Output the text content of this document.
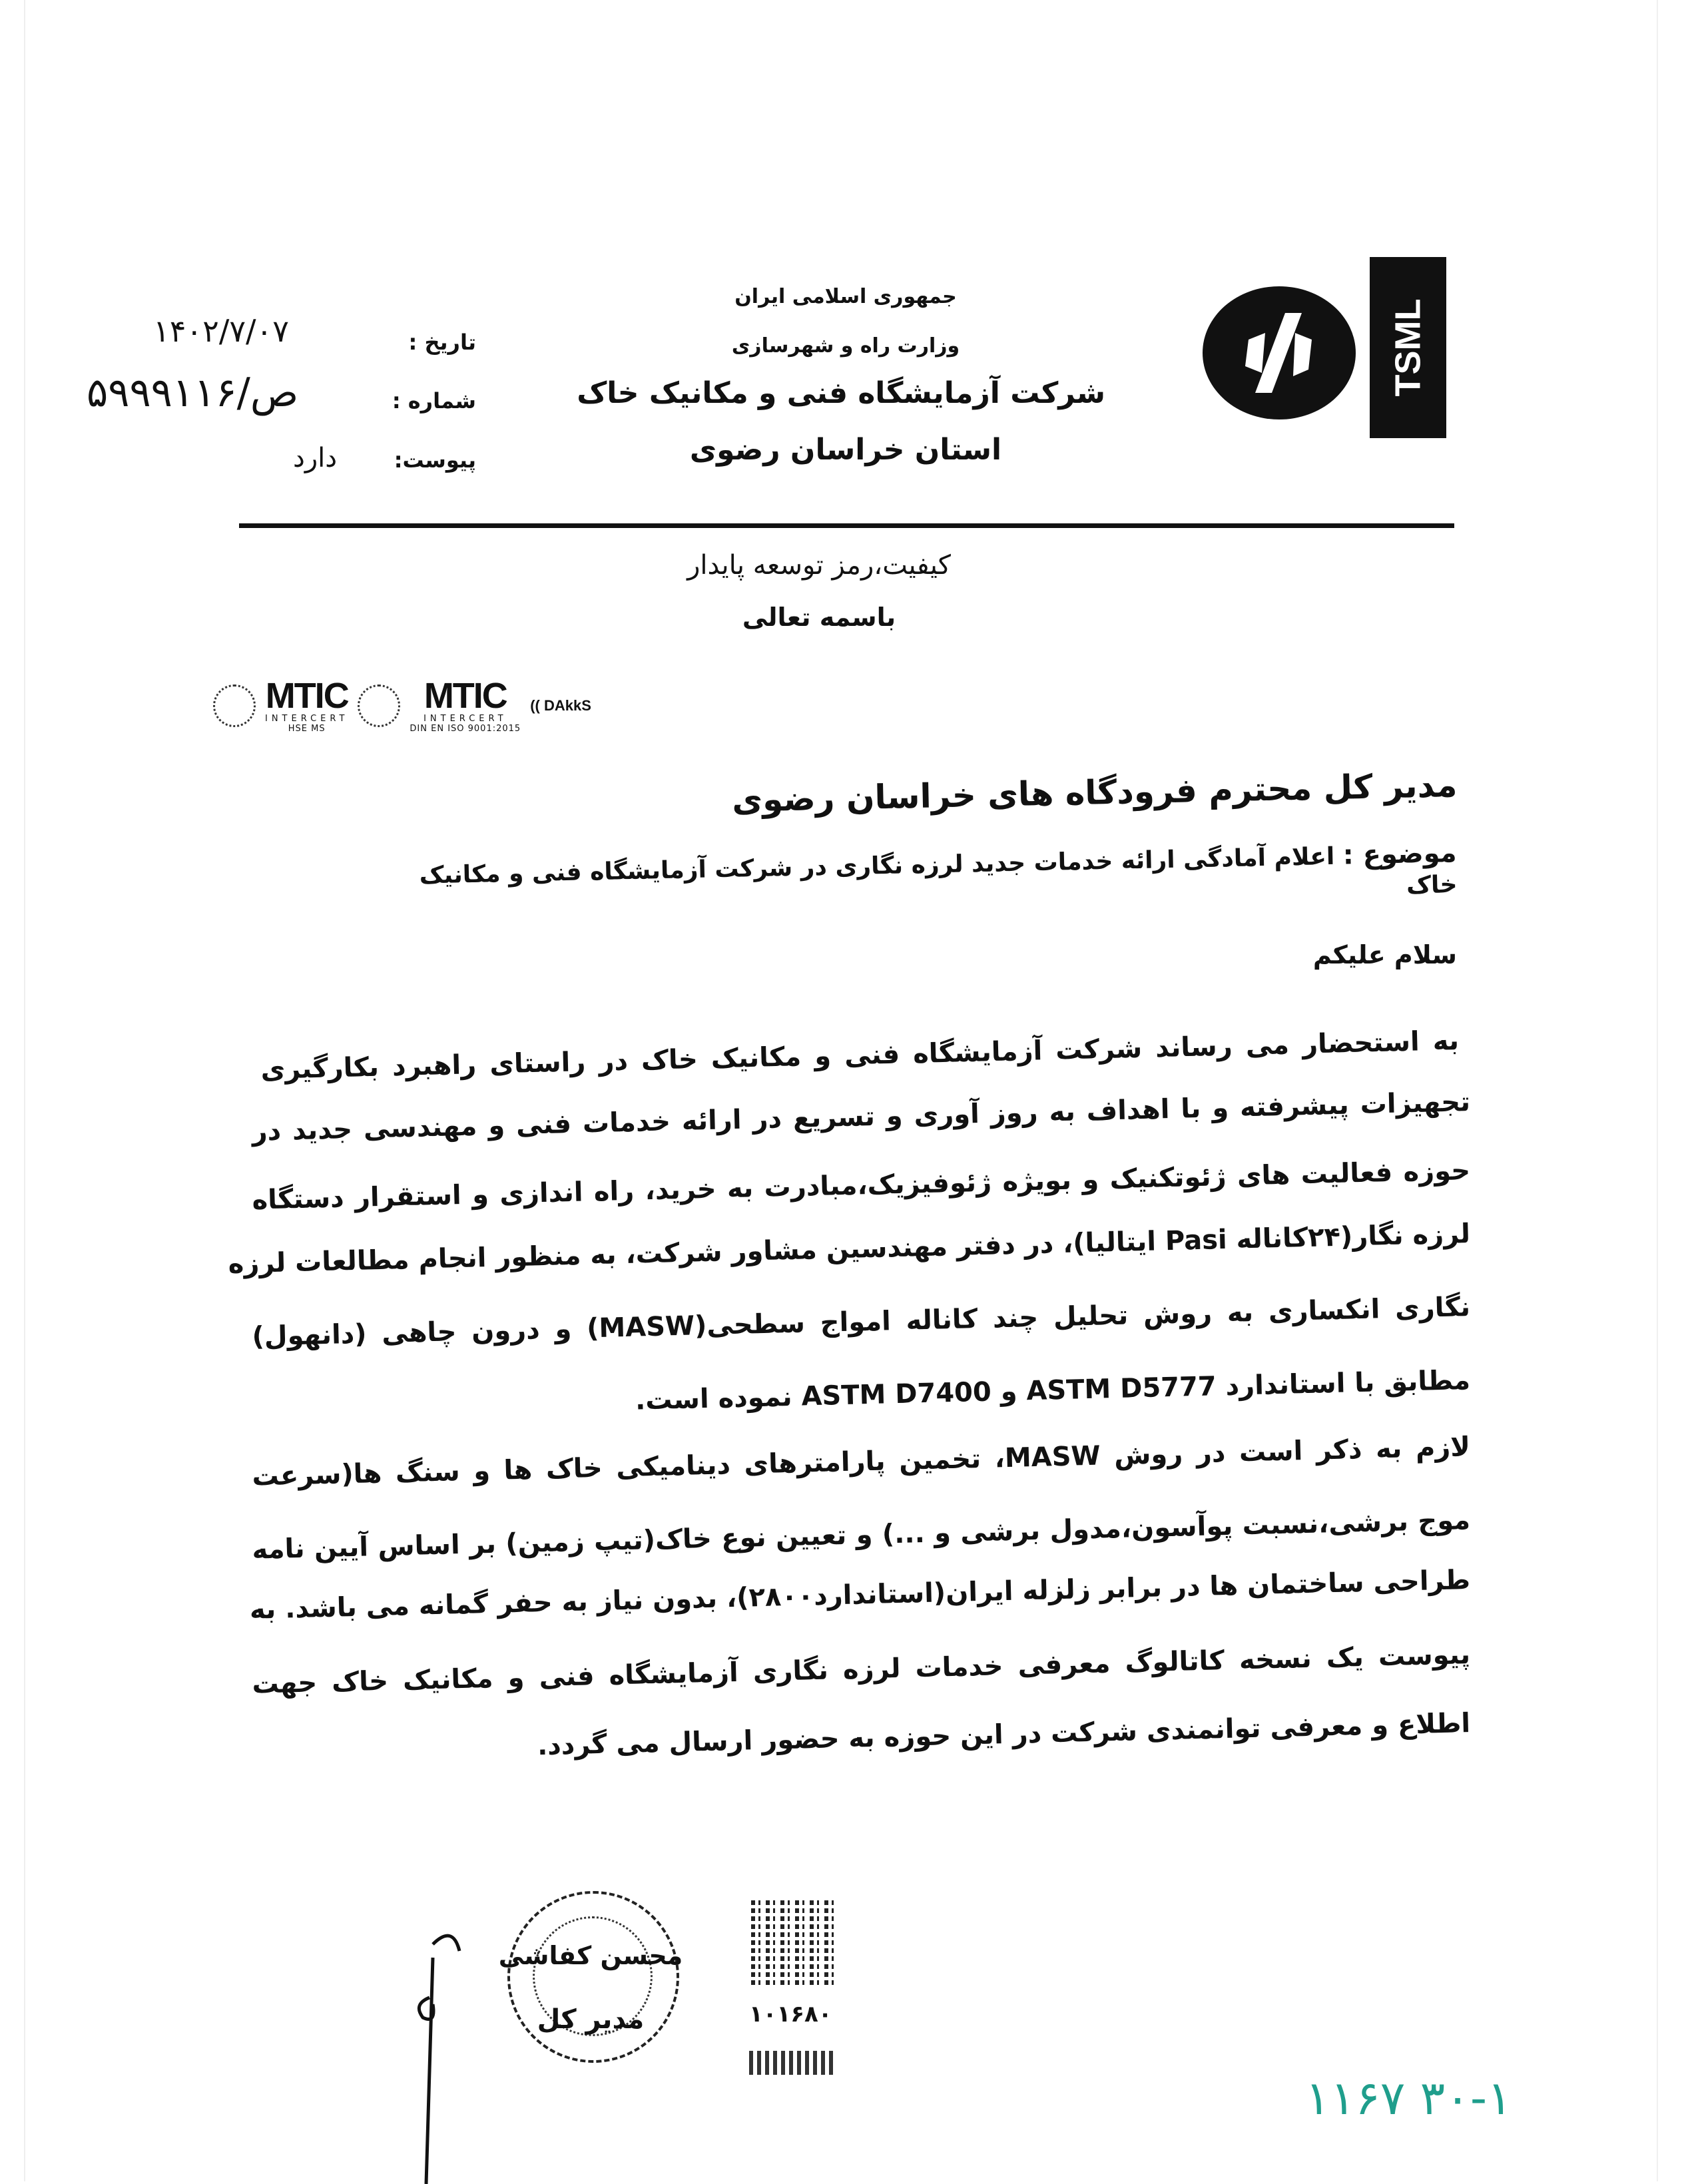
TSML
جمهوری اسلامی ایران
وزارت راه و شهرسازی
شرکت آزمایشگاه فنی و مکانیک خاک
استان خراسان رضوی
تاریخ :
۱۴۰۲/۷/۰۷
شماره :
۵۹ص/۹۹۱۱۶
پیوست:
دارد
کیفیت،رمز توسعه پایدار
باسمه تعالی
MTIC
INTERCERT
HSE MS
MTIC
INTERCERT
DIN EN ISO 9001:2015
(( DAkkS
مدیر کل محترم فرودگاه های خراسان رضوی
موضوع : اعلام آمادگی ارائه خدمات جدید لرزه نگاری در شرکت آزمایشگاه فنی و مکانیک خاک
سلام علیکم
به استحضار می رساند شرکت آزمایشگاه فنی و مکانیک خاک در راستای راهبرد بکارگیری
تجهیزات پیشرفته و با اهداف به روز آوری و تسریع در ارائه خدمات فنی و مهندسی جدید در
حوزه فعالیت های ژئوتکنیک و بویژه ژئوفیزیک،مبادرت به خرید، راه اندازی و استقرار دستگاه
لرزه نگار(۲۴کاناله Pasi ایتالیا)، در دفتر مهندسین مشاور شرکت، به منظور انجام مطالعات لرزه
نگاری انکساری به روش تحلیل چند کاناله امواج سطحی(MASW) و درون چاهی (دانهول)
مطابق با استاندارد ASTM D5777 و ASTM D7400 نموده است.
لازم به ذکر است در روش MASW، تخمین پارامترهای دینامیکی خاک ها و سنگ ها(سرعت
موج برشی،نسبت پوآسون،مدول برشی و ...) و تعیین نوع خاک(تیپ زمین) بر اساس آیین نامه
طراحی ساختمان ها در برابر زلزله ایران(استاندارد۲۸۰۰)، بدون نیاز به حفر گمانه می باشد. به
پیوست یک نسخه کاتالوگ معرفی خدمات لرزه نگاری آزمایشگاه فنی و مکانیک خاک جهت
اطلاع و معرفی توانمندی شرکت در این حوزه به حضور ارسال می گردد.
محسن کفاشی
مدیر کل	۱۰۱۶۸۰
۱۱۶۷ ۳۰-۱
